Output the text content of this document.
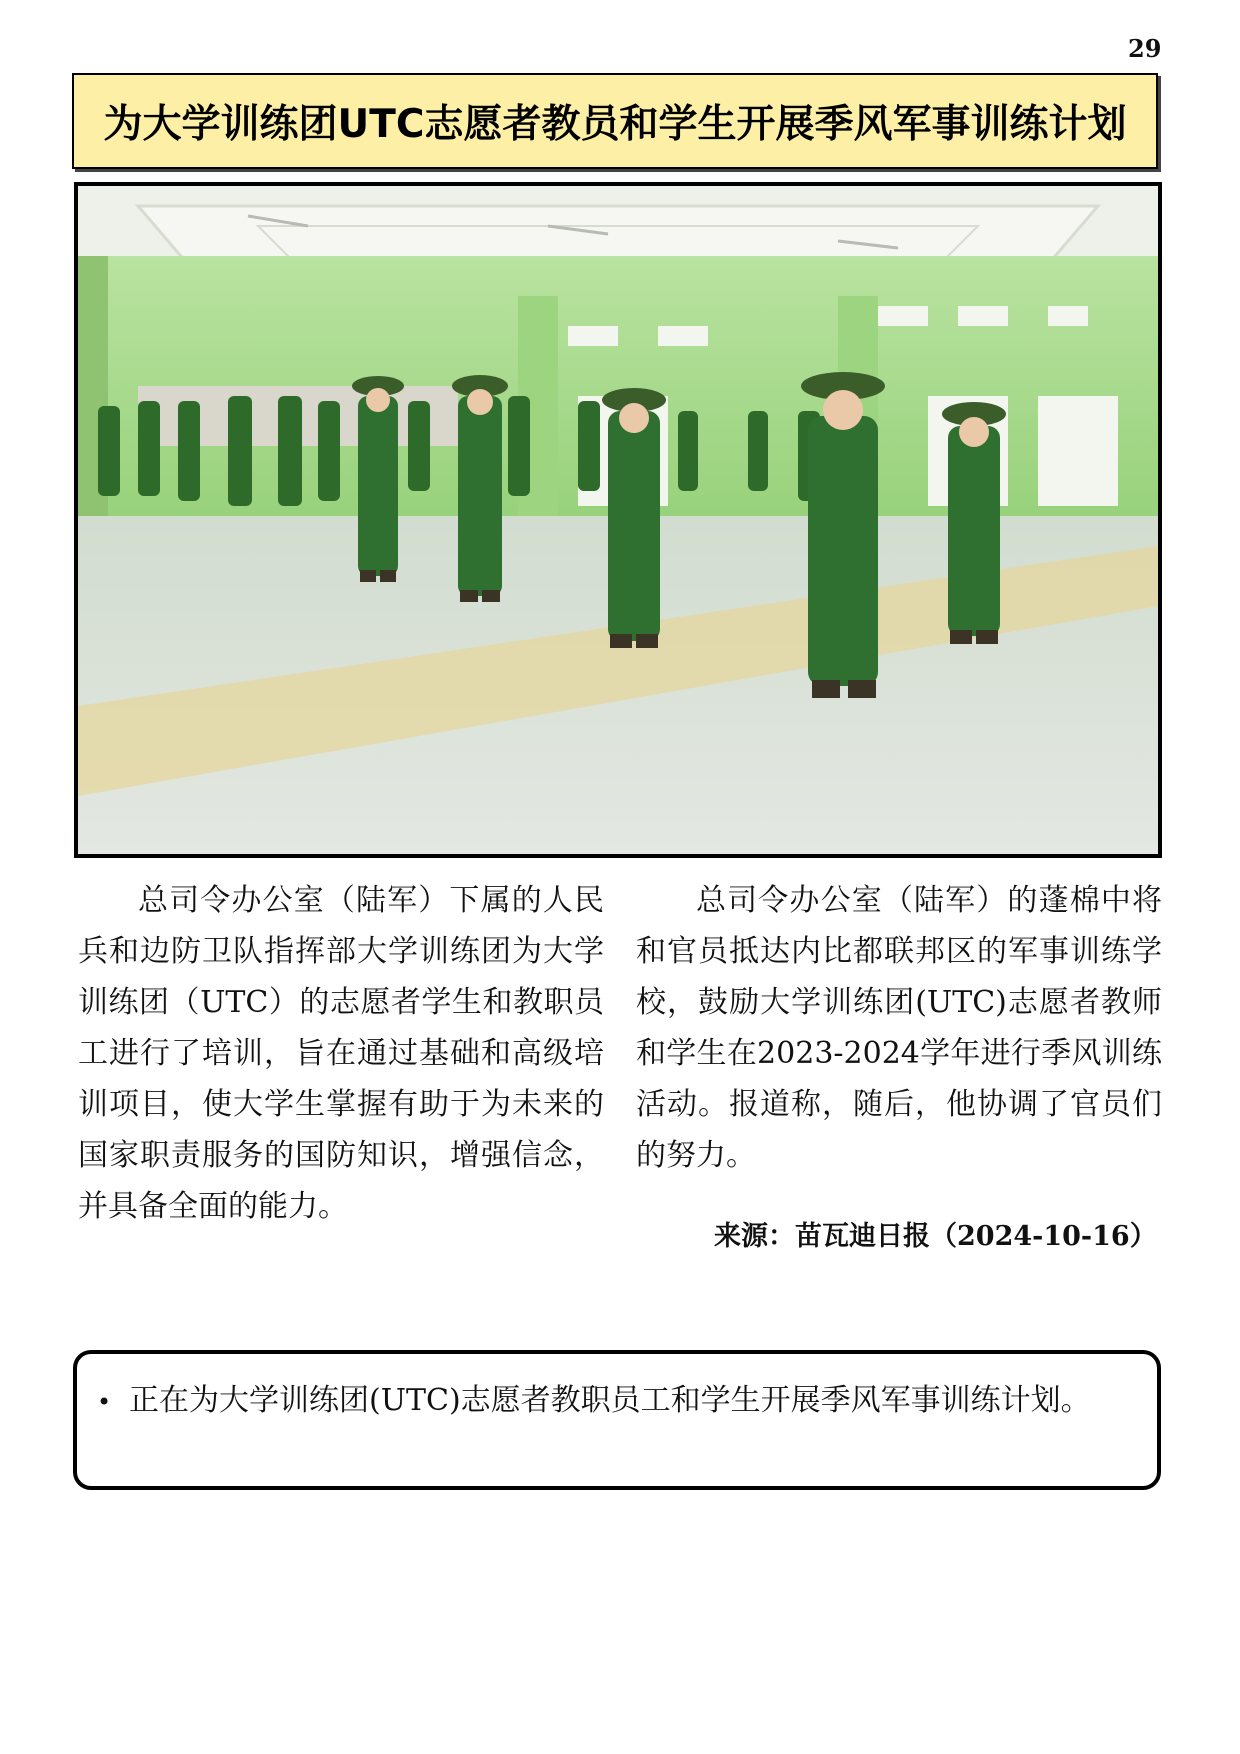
29
为大学训练团UTC志愿者教员和学生开展季风军事训练计划

总司令办公室（陆军）下属的人民兵和边防卫队指挥部大学训练团为大学训练团（UTC）的志愿者学生和教职员工进行了培训，旨在通过基础和高级培训项目，使大学生掌握有助于为未来的国家职责服务的国防知识，增强信念，并具备全面的能力。

总司令办公室（陆军）的蓬棉中将和官员抵达内比都联邦区的军事训练学校，鼓励大学训练团(UTC)志愿者教师和学生在2023-2024学年进行季风训练活动。报道称，随后，他协调了官员们的努力。

来源：苗瓦迪日报（2024-10-16）
• 正在为大学训练团(UTC)志愿者教职员工和学生开展季风军事训练计划。
